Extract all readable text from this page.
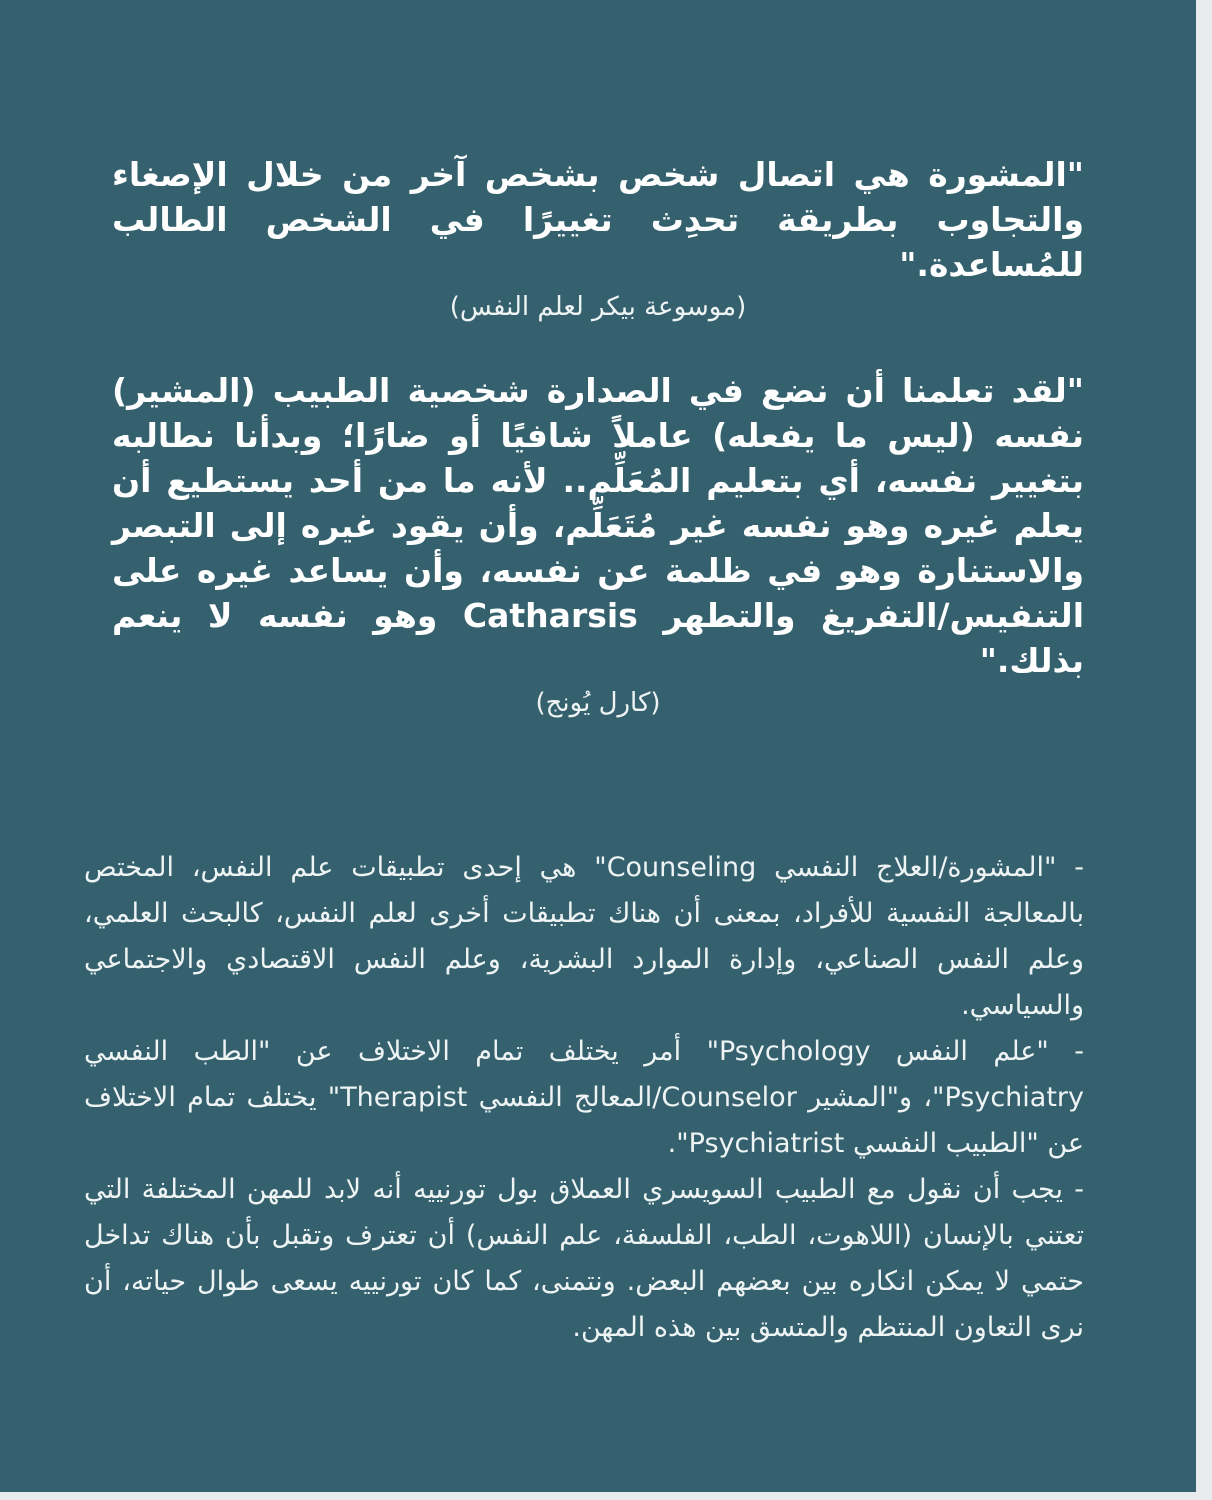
"المشورة هي اتصال شخص بشخص آخر من خلال الإصغاء والتجاوب بطريقة تحدِث تغييرًا في الشخص الطالب للمُساعدة."
(موسوعة بيكر لعلم النفس)
"لقد تعلمنا أن نضع في الصدارة شخصية الطبيب (المشير) نفسه (ليس ما يفعله) عاملاً شافيًا أو ضارًا؛ وبدأنا نطالبه بتغيير نفسه، أي بتعليم المُعَلِّم.. لأنه ما من أحد يستطيع أن يعلم غيره وهو نفسه غير مُتَعَلِّم، وأن يقود غيره إلى التبصر والاستنارة وهو في ظلمة عن نفسه، وأن يساعد غيره على التنفيس/التفريغ والتطهر Catharsis وهو نفسه لا ينعم بذلك."
(كارل يُونج)

- "المشورة/العلاج النفسي Counseling" هي إحدى تطبيقات علم النفس، المختص بالمعالجة النفسية للأفراد، بمعنى أن هناك تطبيقات أخرى لعلم النفس، كالبحث العلمي، وعلم النفس الصناعي، وإدارة الموارد البشرية، وعلم النفس الاقتصادي والاجتماعي والسياسي.

- "علم النفس Psychology" أمر يختلف تمام الاختلاف عن "الطب النفسي Psychiatry"، و"المشير Counselor/المعالج النفسي Therapist" يختلف تمام الاختلاف عن "الطبيب النفسي Psychiatrist".

- يجب أن نقول مع الطبيب السويسري العملاق بول تورنييه أنه لابد للمهن المختلفة التي تعتني بالإنسان (اللاهوت، الطب، الفلسفة، علم النفس) أن تعترف وتقبل بأن هناك تداخل حتمي لا يمكن انكاره بين بعضهم البعض. ونتمنى، كما كان تورنييه يسعى طوال حياته، أن نرى التعاون المنتظم والمتسق بين هذه المهن.
